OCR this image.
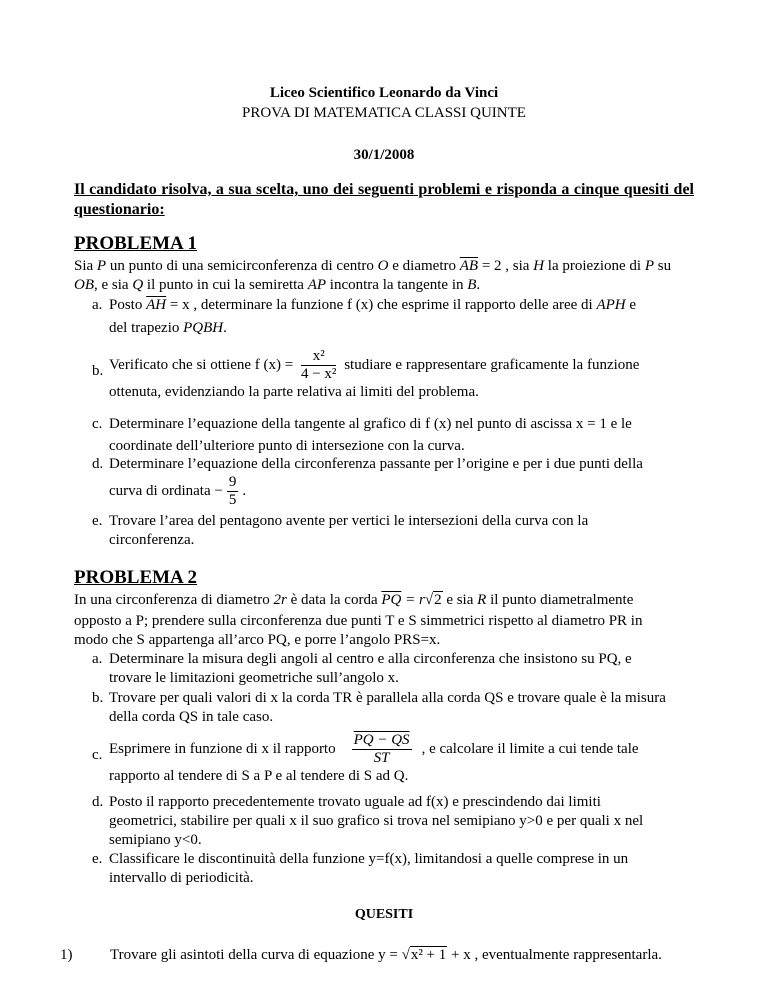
Liceo Scientifico Leonardo da Vinci
PROVA DI MATEMATICA CLASSI QUINTE
30/1/2008
Il candidato risolva, a sua scelta, uno dei seguenti problemi e risponda a cinque quesiti del questionario:
PROBLEMA 1
Sia P un punto di una semicirconferenza di centro O e diametro $\overline{AB} = 2$ , sia H la proiezione di P su
OB, e sia Q il punto in cui la semiretta AP incontra la tangente in B.
a. Posto $\overline{AH} = x$ , determinare la funzione f (x) che esprime il rapporto delle aree di APH e
del trapezio PQBH.
b. Verificato che si ottiene f $(x) = \frac{\text{x²}}{\text{4 − x²}}$ studiare e rappresentare graficamente la funzione
ottenuta, evidenziando la parte relativa ai limiti del problema.
c. Determinare l’equazione della tangente al grafico di f (x) nel punto di ascissa x = 1 e le
coordinate dell’ulteriore punto di intersezione con la curva.
d. Determinare l’equazione della circonferenza passante per l’origine e per i due punti della
curva di ordinata − $\frac{9}{5}$ .
e. Trovare l’area del pentagono avente per vertici le intersezioni della curva con la
circonferenza.
PROBLEMA 2
In una circonferenza di diametro 2r è data la corda $\overline{PQ} = r√2$ e sia R il punto diametralmente
opposto a P; prendere sulla circonferenza due punti T e S simmetrici rispetto al diametro PR in
modo che S appartenga all’arco PQ, e porre l’angolo PRS=x.
a. Determinare la misura degli angoli al centro e alla circonferenza che insistono su PQ, e
trovare le limitazioni geometriche sull’angolo x.
b. Trovare per quali valori di x la corda TR è parallela alla corda QS e trovare quale è la misura
della corda QS in tale caso.
c. Esprimere in funzione di x il rapporto $\frac{PQ - QS}{ST}$ , e calcolare il limite a cui tende tale
rapporto al tendere di S a P e al tendere di S ad Q.
d. Posto il rapporto precedentemente trovato uguale ad f(x) e prescindendo dai limiti
geometrici, stabilire per quali x il suo grafico si trova nel semipiano y>0 e per quali x nel
semipiano y<0.
e. Classificare le discontinuità della funzione y=f(x), limitandosi a quelle comprese in un
intervallo di periodicità.
QUESITI
1)	Trovare gli asintoti della curva di equazione y = √x² + 1 + x , eventualmente rappresentarla.
